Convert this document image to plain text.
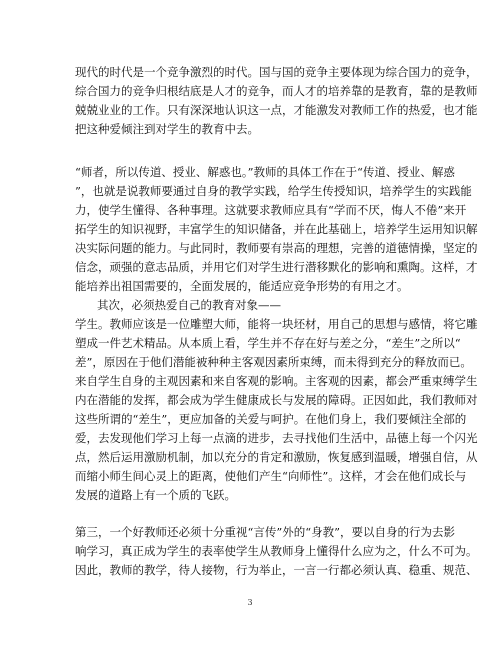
现代的时代是一个竞争激烈的时代。国与国的竞争主要体现为综合国力的竞争，
综合国力的竞争归根结底是人才的竞争，而人才的培养靠的是教育，靠的是教师
兢兢业业的工作。只有深深地认识这一点，才能激发对教师工作的热爱，也才能
把这种爱倾注到对学生的教育中去。
“师者，所以传道、授业、解惑也。”教师的具体工作在于“传道、授业、解惑
”，也就是说教师要通过自身的教学实践，给学生传授知识，培养学生的实践能
力，使学生懂得、各种事理。这就要求教师应具有“学而不厌，悔人不倦”来开
拓学生的知识视野，丰富学生的知识储备，并在此基础上，培养学生运用知识解
决实际问题的能力。与此同时，教师要有崇高的理想，完善的道德情操，坚定的
信念，顽强的意志品质，并用它们对学生进行潜移默化的影响和熏陶。这样，才
能培养出祖国需要的，全面发展的，能适应竞争形势的有用之才。
其次，必须热爱自己的教育对象——
学生。教师应该是一位雕塑大师，能将一块坯材，用自己的思想与感情，将它雕
塑成一件艺术精品。从本质上看，学生并不存在好与差之分，“差生”之所以“
差”，原因在于他们潜能被种种主客观因素所束缚，而未得到充分的释放而已。
来自学生自身的主观因素和来自客观的影响。主客观的因素，都会严重束缚学生
内在潜能的发挥，都会成为学生健康成长与发展的障碍。正因如此，我们教师对
这些所谓的“差生”，更应加备的关爱与呵护。在他们身上，我们要倾注全部的
爱，去发现他们学习上每一点滴的进步，去寻找他们生活中，品德上每一个闪光
点，然后运用激励机制，加以充分的肯定和激励，恢复感到温暖，增强自信，从
而缩小师生间心灵上的距离，使他们产生“向师性”。这样，才会在他们成长与
发展的道路上有一个质的飞跃。
第三，一个好教师还必须十分重视“言传”外的“身教”，要以自身的行为去影
响学习，真正成为学生的表率使学生从教师身上懂得什么应为之，什么不可为。
因此，教师的教学，待人接物，行为举止，一言一行都必须认真、稳重、规范、
3
